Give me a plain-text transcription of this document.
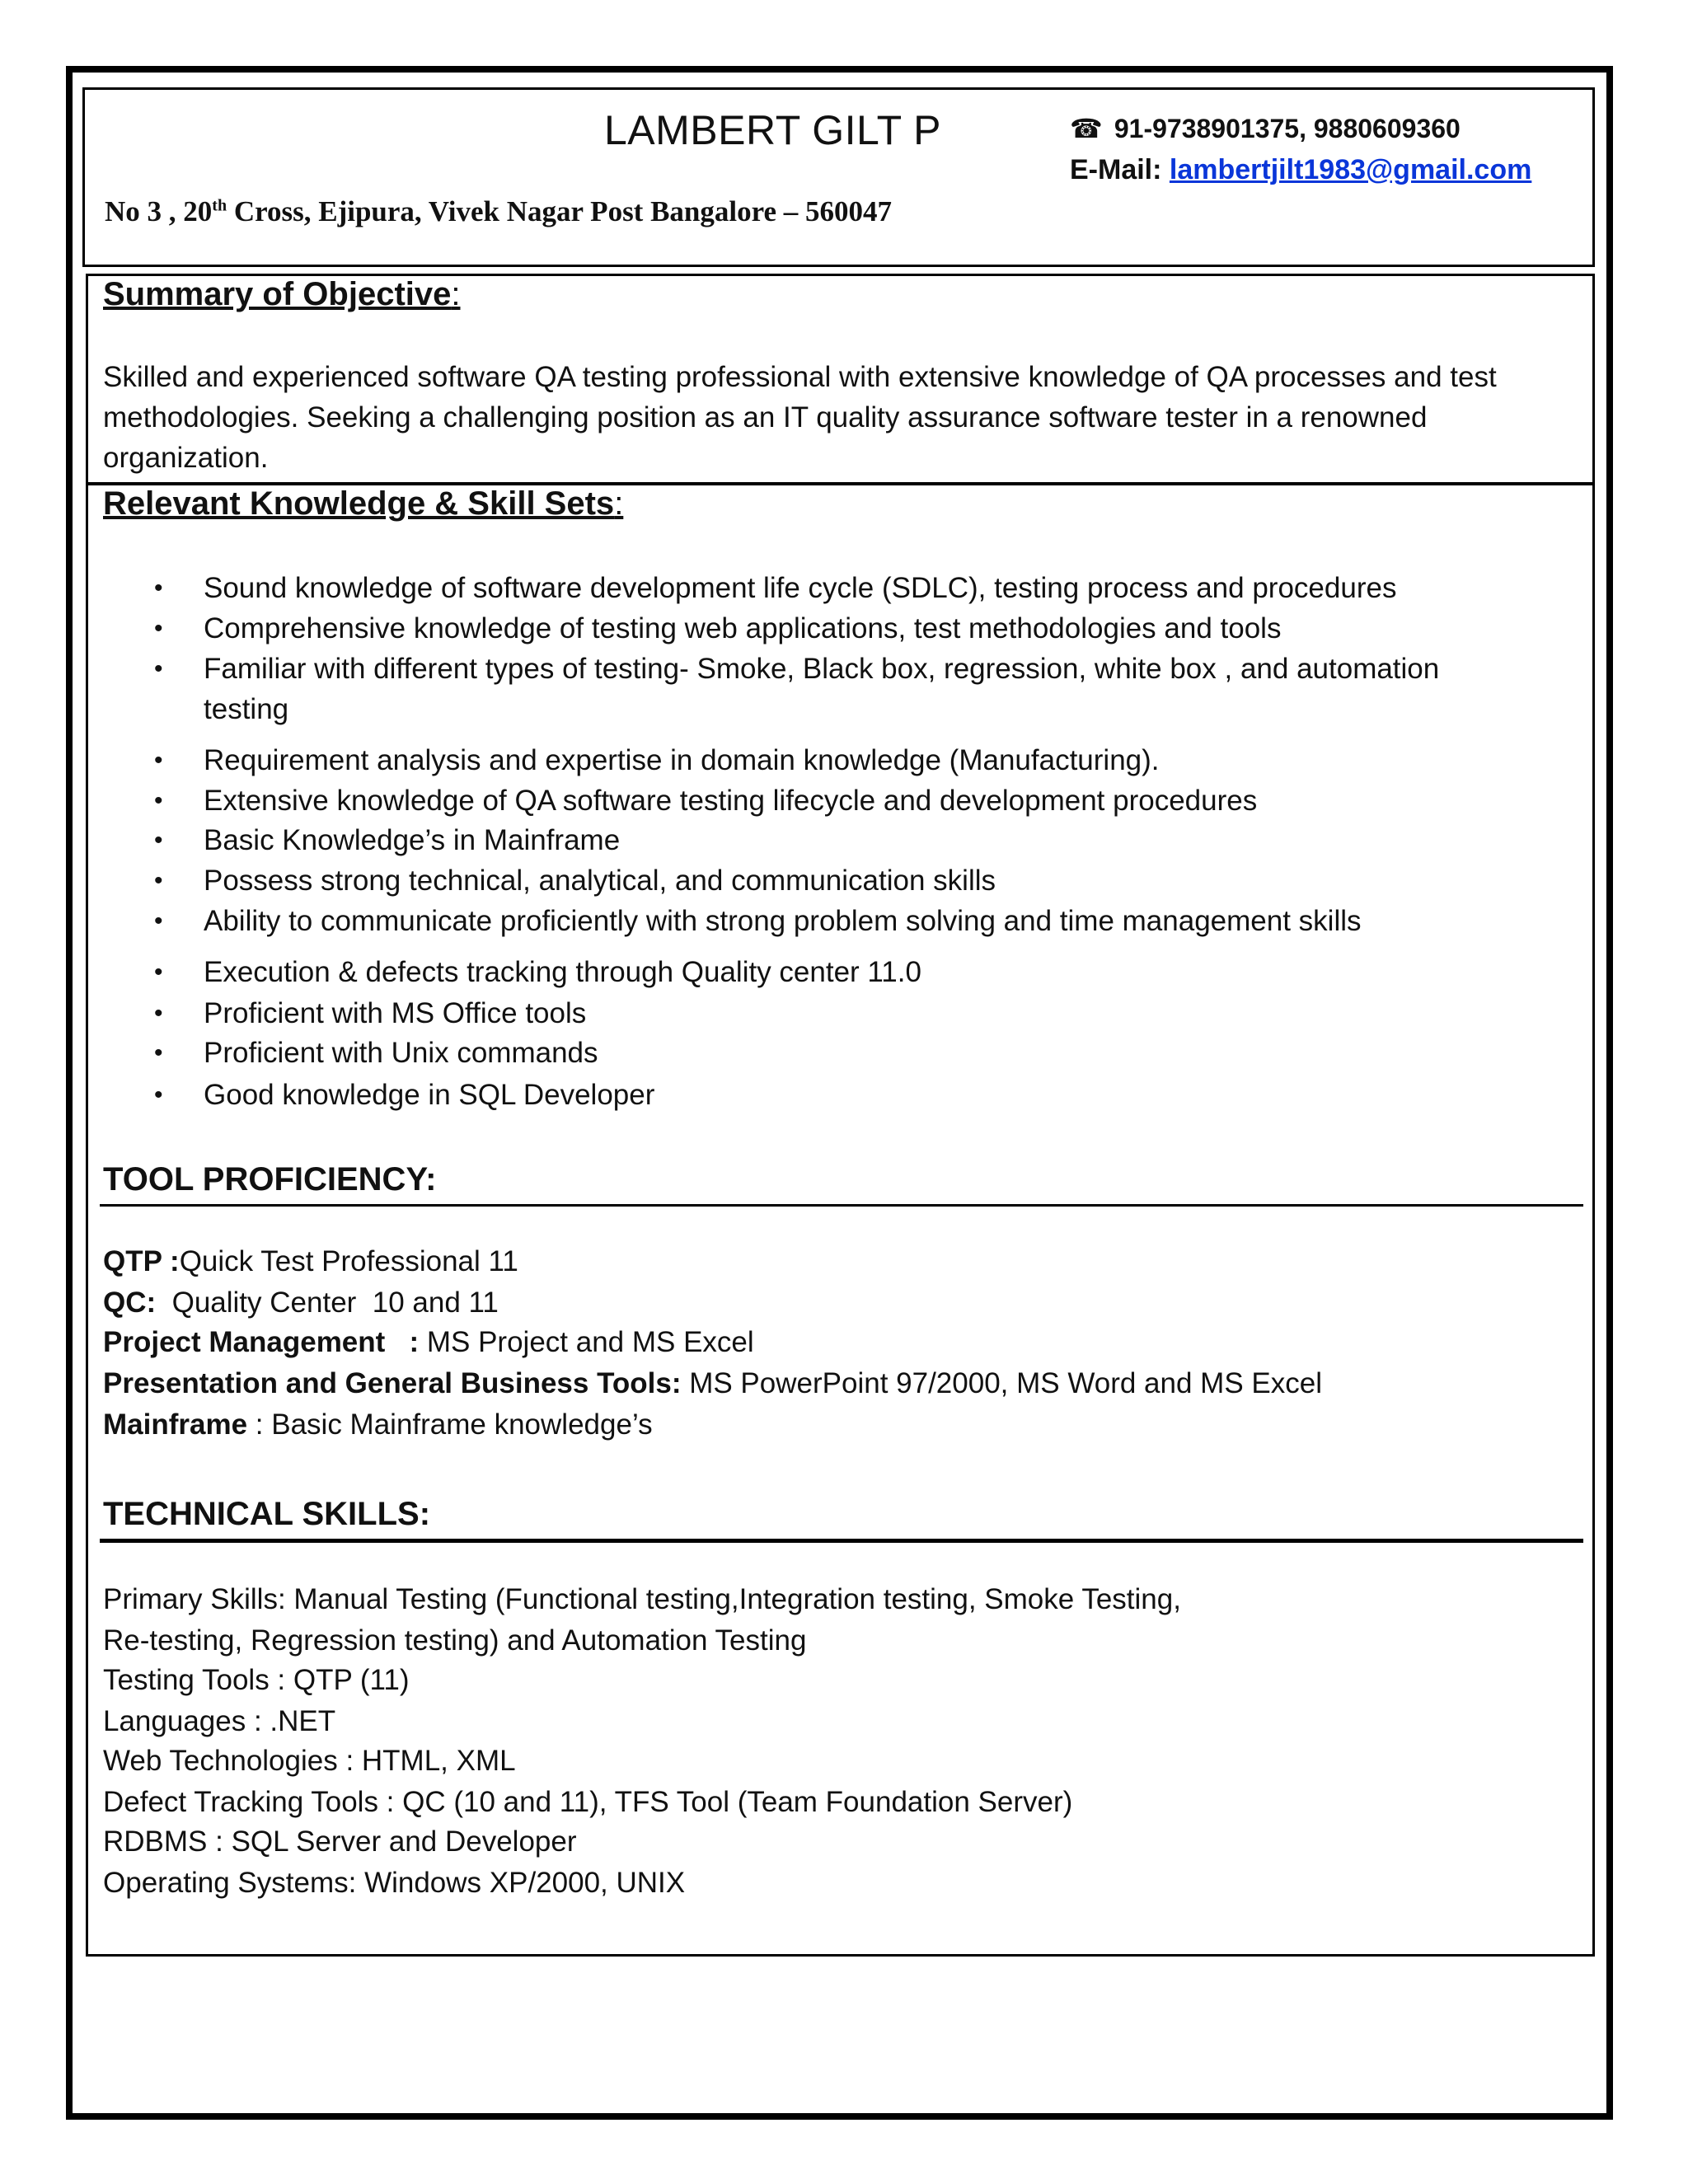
LAMBERT GILT P
No 3 , 20th Cross, Ejipura, Vivek Nagar Post Bangalore – 560047
☎ 91-9738901375, 9880609360
E-Mail: lambertjilt1983@gmail.com
Summary of Objective:
Skilled and experienced software QA testing professional with extensive knowledge of QA processes and test
methodologies. Seeking a challenging position as an IT quality assurance software tester in a renowned
organization.
Relevant Knowledge & Skill Sets:
• Sound knowledge of software development life cycle (SDLC), testing process and procedures
• Comprehensive knowledge of testing web applications, test methodologies and tools
• Familiar with different types of testing- Smoke, Black box, regression, white box , and automation
testing
• Requirement analysis and expertise in domain knowledge (Manufacturing).
• Extensive knowledge of QA software testing lifecycle and development procedures
• Basic Knowledge’s in Mainframe
• Possess strong technical, analytical, and communication skills
• Ability to communicate proficiently with strong problem solving and time management skills
• Execution & defects tracking through Quality center 11.0
• Proficient with MS Office tools
• Proficient with Unix commands
• Good knowledge in SQL Developer
TOOL PROFICIENCY:
QTP :Quick Test Professional 11
QC:  Quality Center  10 and 11
Project Management   : MS Project and MS Excel
Presentation and General Business Tools: MS PowerPoint 97/2000, MS Word and MS Excel
Mainframe : Basic Mainframe knowledge’s
TECHNICAL SKILLS:
Primary Skills: Manual Testing (Functional testing,Integration testing, Smoke Testing,
Re-testing, Regression testing) and Automation Testing
Testing Tools : QTP (11)
Languages : .NET
Web Technologies : HTML, XML
Defect Tracking Tools : QC (10 and 11), TFS Tool (Team Foundation Server)
RDBMS : SQL Server and Developer
Operating Systems: Windows XP/2000, UNIX
